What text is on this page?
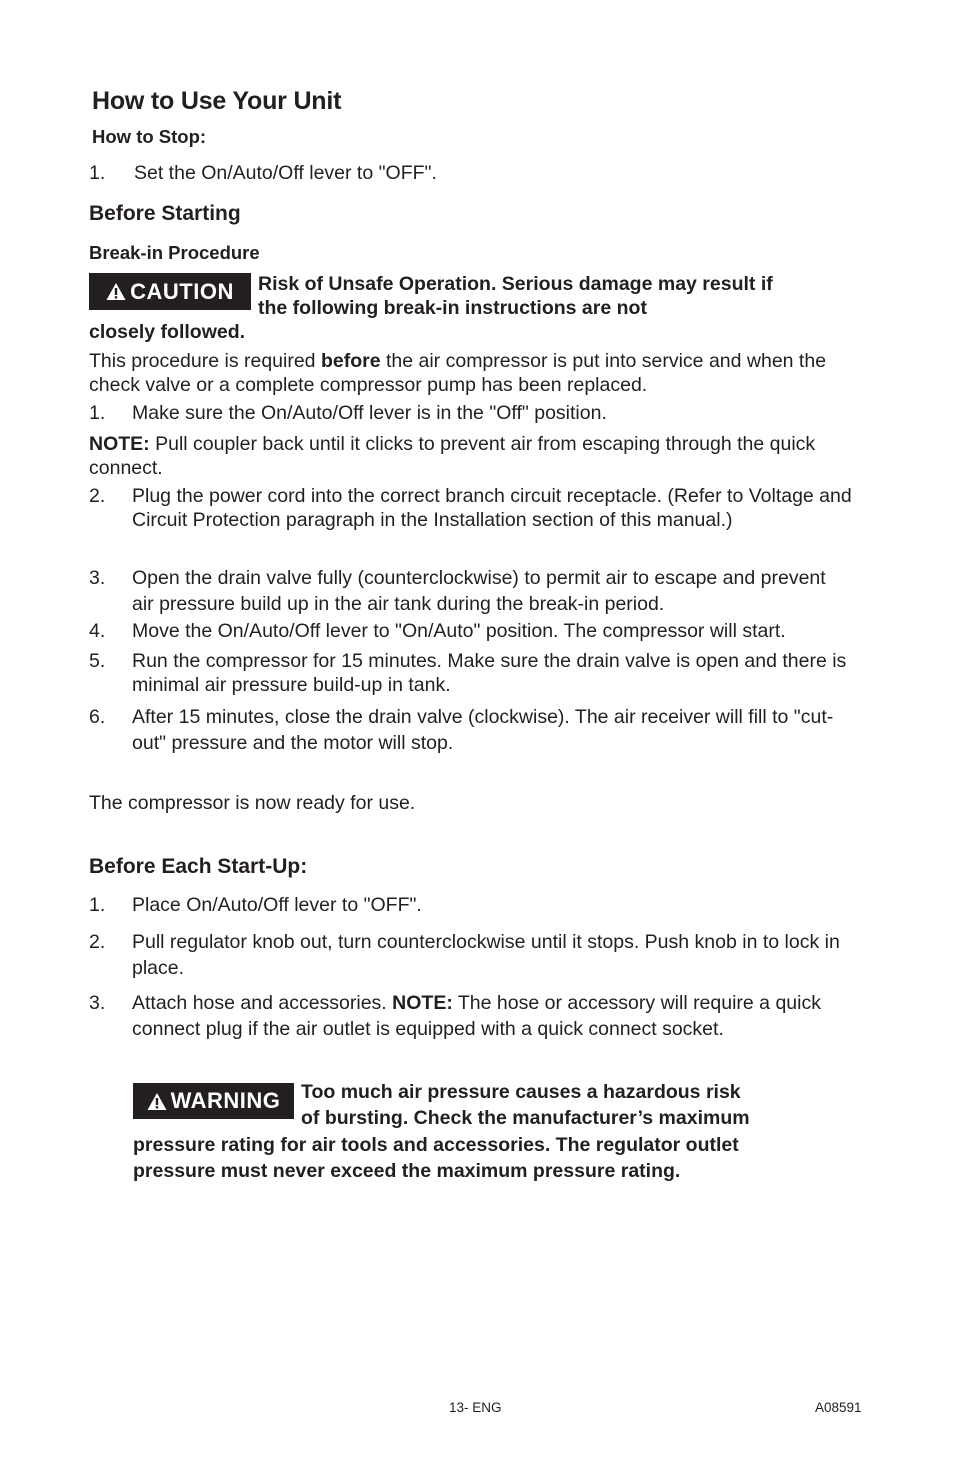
How to Use Your Unit
How to Stop:
1. Set the On/Auto/Off lever to "OFF".
Before Starting
Break-in Procedure
CAUTION Risk of Unsafe Operation. Serious damage may result if
the following break-in instructions are not
closely followed.
This procedure is required before the air compressor is put into service and when the check valve or a complete compressor pump has been replaced.
1. Make sure the On/Auto/Off lever is in the "Off" position.
NOTE: Pull coupler back until it clicks to prevent air from escaping through the quick connect.
2. Plug the power cord into the correct branch circuit receptacle. (Refer to Voltage and Circuit Protection paragraph in the Installation section of this manual.)
3. Open the drain valve fully (counterclockwise) to permit air to escape and prevent air pressure build up in the air tank during the break-in period.
4. Move the On/Auto/Off lever to "On/Auto" position. The compressor will start.
5. Run the compressor for 15 minutes. Make sure the drain valve is open and there is minimal air pressure build-up in tank.
6. After 15 minutes, close the drain valve (clockwise). The air receiver will fill to "cut-out" pressure and the motor will stop.
The compressor is now ready for use.
Before Each Start-Up:
1. Place On/Auto/Off lever to "OFF".
2. Pull regulator knob out, turn counterclockwise until it stops. Push knob in to lock in place.
3. Attach hose and accessories. NOTE: The hose or accessory will require a quick connect plug if the air outlet is equipped with a quick connect socket.
WARNING Too much air pressure causes a hazardous risk
of bursting. Check the manufacturer’s maximum
pressure rating for air tools and accessories. The regulator outlet
pressure must never exceed the maximum pressure rating.
13- ENG	A08591
